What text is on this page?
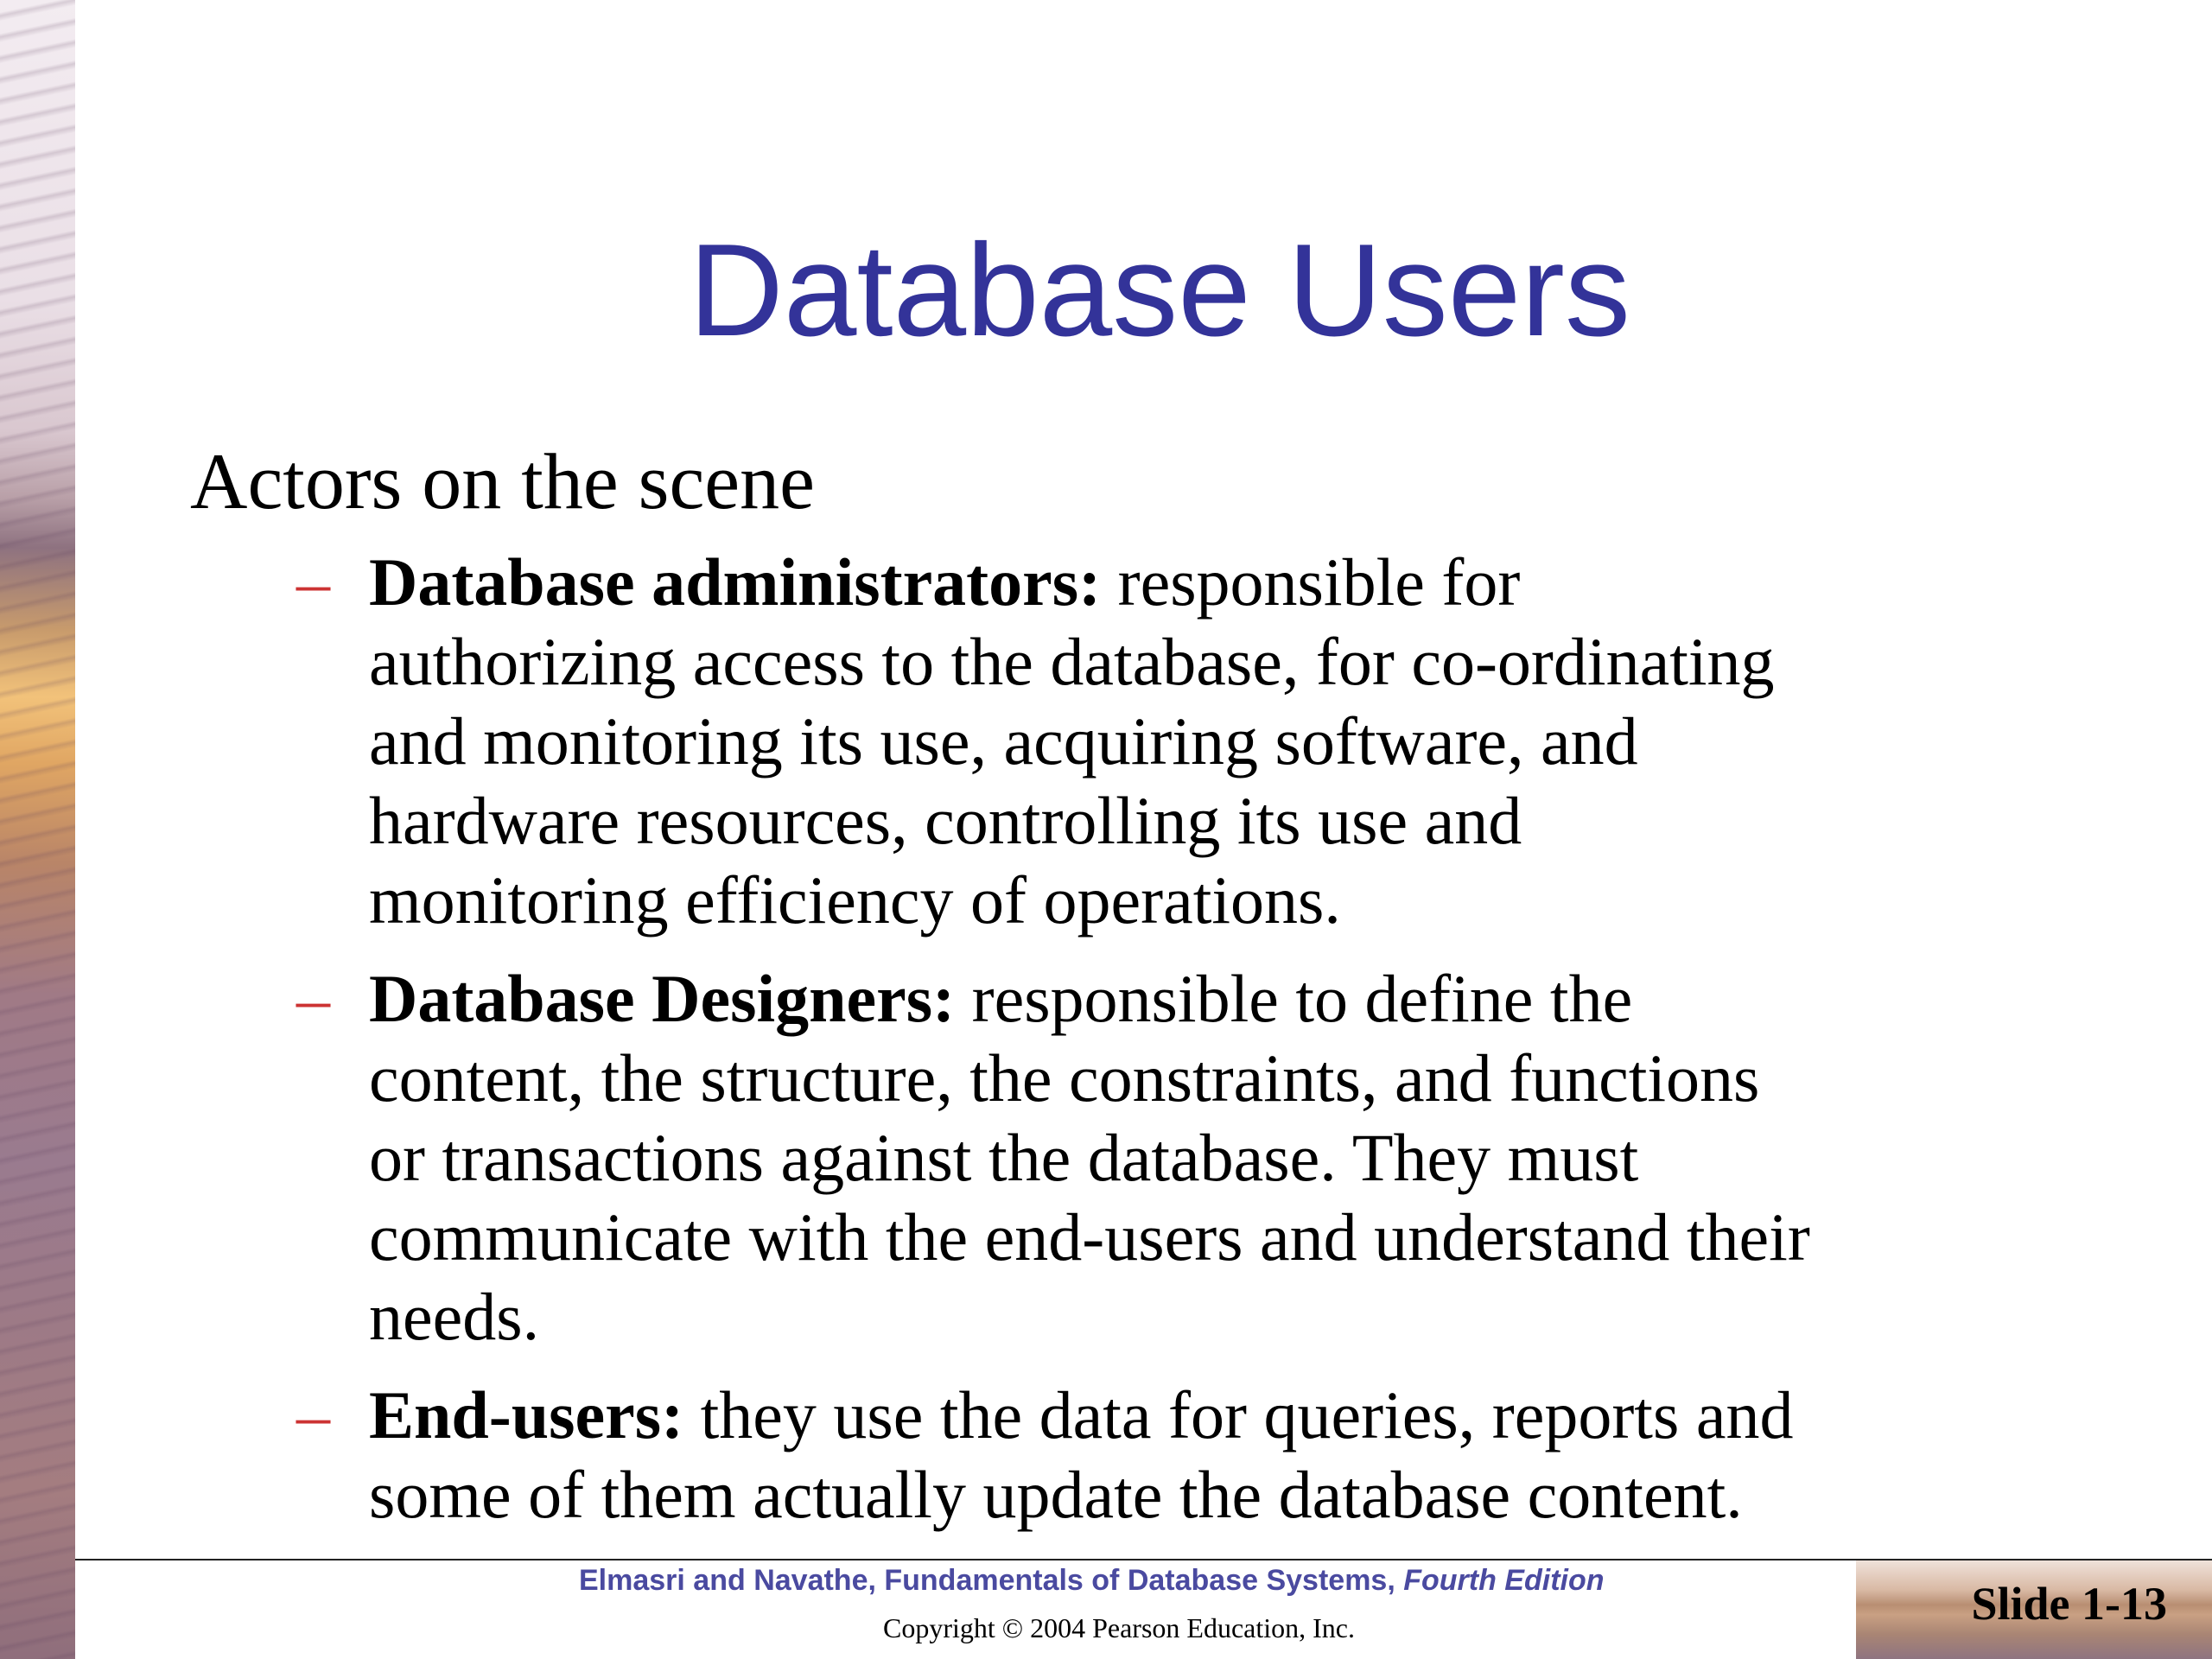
Database Users

Actors on the scene

– Database administrators: responsible for authorizing access to the database, for co-ordinating and monitoring its use, acquiring software, and hardware resources, controlling its use and monitoring efficiency of operations.
– Database Designers: responsible to define the content, the structure, the constraints, and functions or transactions against the database. They must communicate with the end-users and understand their needs.
– End-users: they use the data for queries, reports and some of them actually update the database content.
Elmasri and Navathe, Fundamentals of Database Systems, Fourth Edition
Copyright © 2004 Pearson Education, Inc.	Slide 1-13
